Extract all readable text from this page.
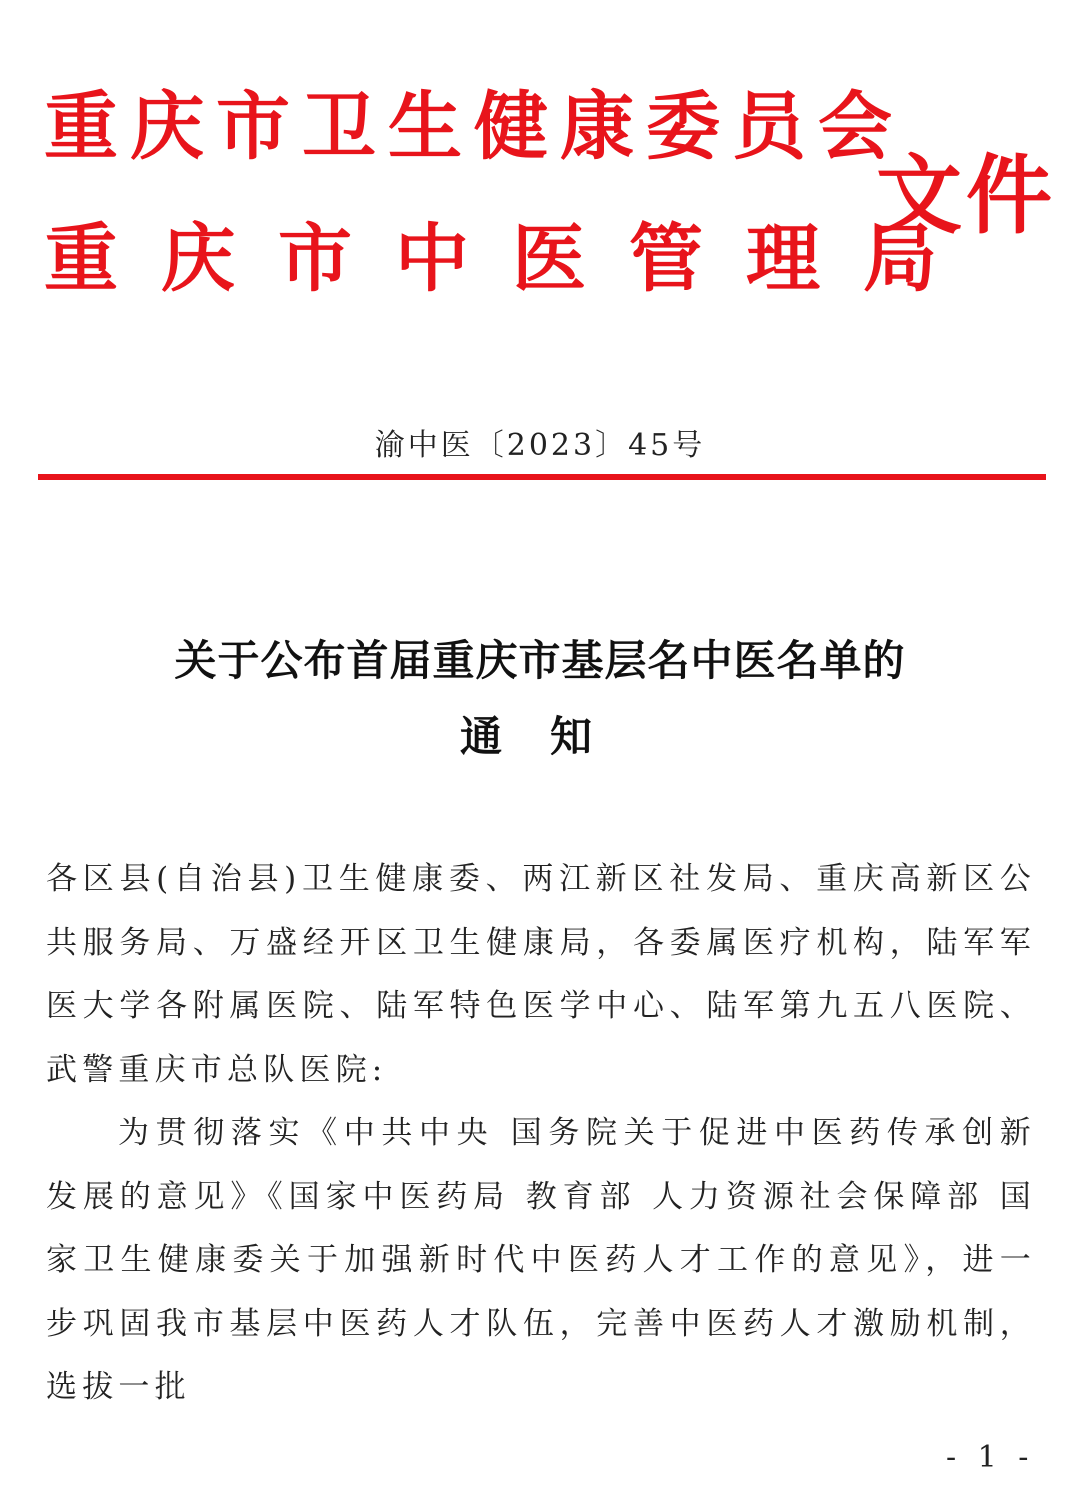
重庆市卫生健康委员会
重庆市中医管理局
文件
渝中医〔2023〕45号
关于公布首届重庆市基层名中医名单的
通知

各区县(自治县)卫生健康委、两江新区社发局、重庆高新区公共服务局、万盛经开区卫生健康局，各委属医疗机构，陆军军医大学各附属医院、陆军特色医学中心、陆军第九五八医院、武警重庆市总队医院:

为贯彻落实《中共中央 国务院关于促进中医药传承创新发展的意见》《国家中医药局 教育部 人力资源社会保障部 国家卫生健康委关于加强新时代中医药人才工作的意见》，进一步巩固我市基层中医药人才队伍，完善中医药人才激励机制，选拔一批

- 1 -
